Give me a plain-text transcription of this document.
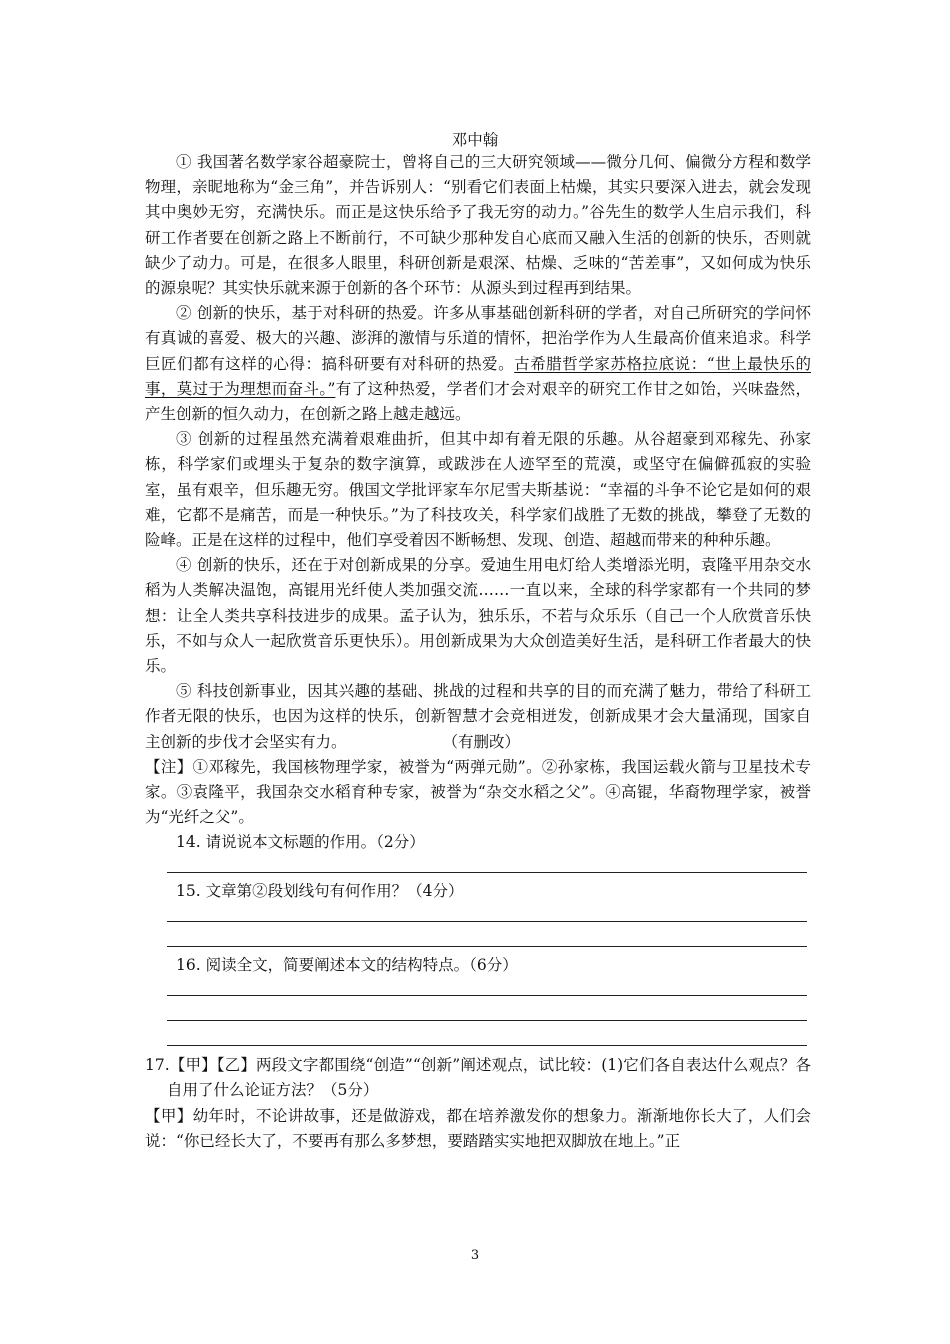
邓中翰

① 我国著名数学家谷超豪院士，曾将自己的三大研究领域——微分几何、偏微分方程和数学物理，亲昵地称为“金三角”，并告诉别人：“别看它们表面上枯燥，其实只要深入进去，就会发现其中奥妙无穷，充满快乐。而正是这快乐给予了我无穷的动力。”谷先生的数学人生启示我们，科研工作者要在创新之路上不断前行，不可缺少那种发自心底而又融入生活的创新的快乐，否则就缺少了动力。可是，在很多人眼里，科研创新是艰深、枯燥、乏味的“苦差事”，又如何成为快乐的源泉呢？其实快乐就来源于创新的各个环节：从源头到过程再到结果。

② 创新的快乐，基于对科研的热爱。许多从事基础创新科研的学者，对自己所研究的学问怀有真诚的喜爱、极大的兴趣、澎湃的激情与乐道的情怀，把治学作为人生最高价值来追求。科学巨匠们都有这样的心得：搞科研要有对科研的热爱。古希腊哲学家苏格拉底说：“世上最快乐的事，莫过于为理想而奋斗。”有了这种热爱，学者们才会对艰辛的研究工作甘之如饴，兴味盎然，产生创新的恒久动力，在创新之路上越走越远。

③ 创新的过程虽然充满着艰难曲折，但其中却有着无限的乐趣。从谷超豪到邓稼先、孙家栋，科学家们或埋头于复杂的数字演算，或跋涉在人迹罕至的荒漠，或坚守在偏僻孤寂的实验室，虽有艰辛，但乐趣无穷。俄国文学批评家车尔尼雪夫斯基说：“幸福的斗争不论它是如何的艰难，它都不是痛苦，而是一种快乐。”为了科技攻关，科学家们战胜了无数的挑战，攀登了无数的险峰。正是在这样的过程中，他们享受着因不断畅想、发现、创造、超越而带来的种种乐趣。

④ 创新的快乐，还在于对创新成果的分享。爱迪生用电灯给人类增添光明，袁隆平用杂交水稻为人类解决温饱，高锟用光纤使人类加强交流……一直以来，全球的科学家都有一个共同的梦想：让全人类共享科技进步的成果。孟子认为，独乐乐，不若与众乐乐（自己一个人欣赏音乐快乐，不如与众人一起欣赏音乐更快乐）。用创新成果为大众创造美好生活，是科研工作者最大的快乐。

⑤ 科技创新事业，因其兴趣的基础、挑战的过程和共享的目的而充满了魅力，带给了科研工作者无限的快乐，也因为这样的快乐，创新智慧才会竞相迸发，创新成果才会大量涌现，国家自主创新的步伐才会坚实有力。	（有删改）

【注】①邓稼先，我国核物理学家，被誉为“两弹元勋”。②孙家栋，我国运载火箭与卫星技术专家。③袁隆平，我国杂交水稻育种专家，被誉为“杂交水稻之父”。④高锟，华裔物理学家，被誉为“光纤之父”。

14. 请说说本文标题的作用。（2分）

15. 文章第②段划线句有何作用？（4分）

16. 阅读全文，简要阐述本文的结构特点。（6分）

17.【甲】【乙】两段文字都围绕“创造”“创新”阐述观点，试比较：(1)它们各自表达什么观点？各自用了什么论证方法？（5分）

【甲】幼年时，不论讲故事，还是做游戏，都在培养激发你的想象力。渐渐地你长大了，人们会说：“你已经长大了，不要再有那么多梦想，要踏踏实实地把双脚放在地上。”正

3
